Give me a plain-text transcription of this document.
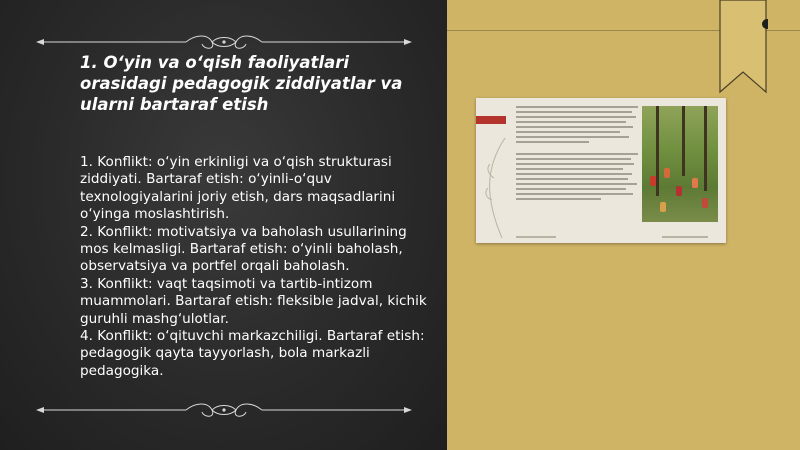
1. O‘yin va o‘qish faoliyatlari orasidagi pedagogik ziddiyatlar va ularni bartaraf etish

1. Konflikt: o‘yin erkinligi va o‘qish strukturasi ziddiyati. Bartaraf etish: o‘yinli-o‘quv texnologiyalarini joriy etish, dars maqsadlarini o‘yinga moslashtirish.

2. Konflikt: motivatsiya va baholash usullarining mos kelmasligi. Bartaraf etish: o‘yinli baholash, observatsiya va portfel orqali baholash.

3. Konflikt: vaqt taqsimoti va tartib-intizom muammolari. Bartaraf etish: fleksible jadval, kichik guruhli mashg‘ulotlar.

4. Konflikt: o‘qituvchi markazchiligi. Bartaraf etish: pedagogik qayta tayyorlash, bola markazli pedagogika.
